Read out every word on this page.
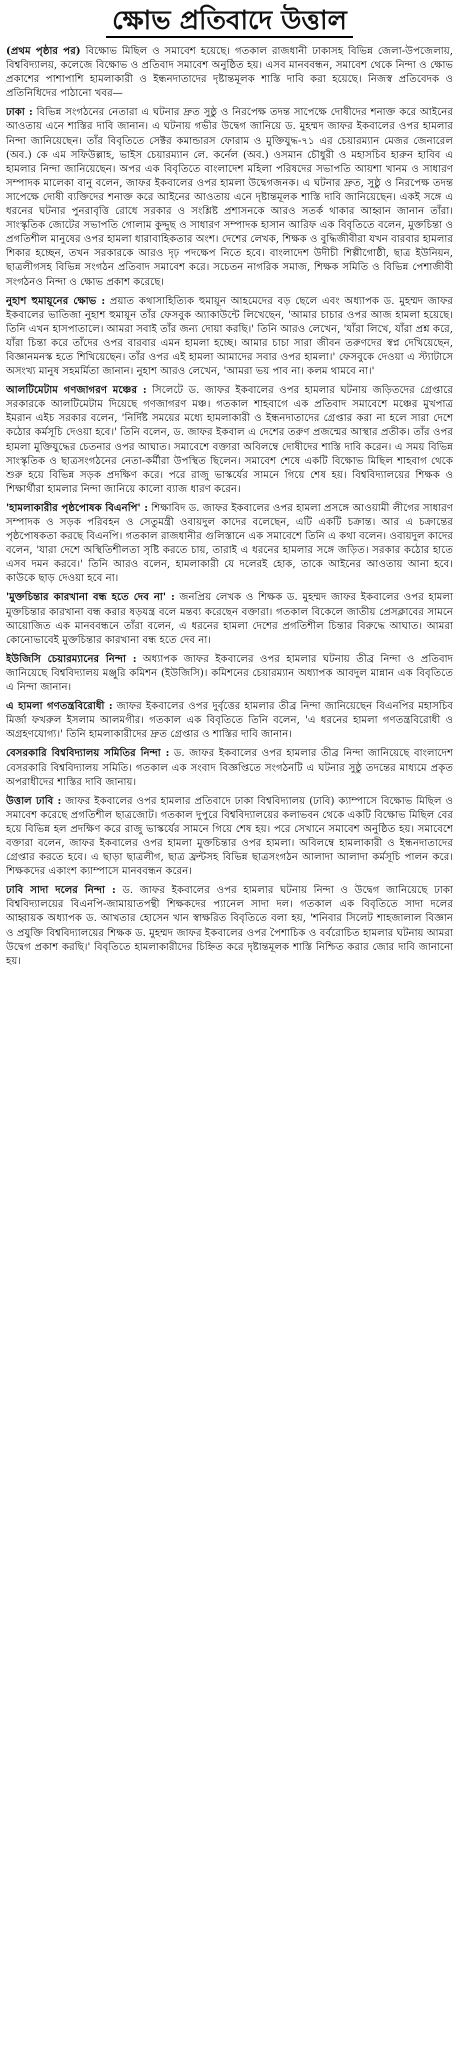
ক্ষোভ প্রতিবাদে উত্তাল

(প্রথম পৃষ্ঠার পর) বিক্ষোভ মিছিল ও সমাবেশ হয়েছে। গতকাল রাজধানী ঢাকাসহ বিভিন্ন জেলা-উপজেলায়, বিশ্ববিদ্যালয়, কলেজে বিক্ষোভ ও প্রতিবাদ সমাবেশ অনুষ্ঠিত হয়। এসব মানববন্ধন, সমাবেশ থেকে নিন্দা ও ক্ষোভ প্রকাশের পাশাপাশি হামলাকারী ও ইন্ধনদাতাদের দৃষ্টান্তমূলক শাস্তি দাবি করা হয়েছে। নিজস্ব প্রতিবেদক ও প্রতিনিধিদের পাঠানো খবর—

ঢাকা : বিভিন্ন সংগঠনের নেতারা এ ঘটনার দ্রুত সুষ্ঠু ও নিরপেক্ষ তদন্ত সাপেক্ষে দোষীদের শনাক্ত করে আইনের আওতায় এনে শাস্তির দাবি জানান। এ ঘটনায় গভীর উদ্বেগ জানিয়ে ড. মুহম্মদ জাফর ইকবালের ওপর হামলার নিন্দা জানিয়েছেন। তাঁর বিবৃতিতে সেক্টর কমান্ডারস ফোরাম ও মুক্তিযুদ্ধ-৭১ এর চেয়ারম্যান মেজর জেনারেল (অব.) কে এম সফিউল্লাহ, ভাইস চেয়ারম্যান লে. কর্নেল (অব.) ওসমান চৌধুরী ও মহাসচিব হারুন হাবিব এ হামলার নিন্দা জানিয়েছেন। অপর এক বিবৃতিতে বাংলাদেশ মহিলা পরিষদের সভাপতি আয়শা খানম ও সাধারণ সম্পাদক মালেকা বানু বলেন, জাফর ইকবালের ওপর হামলা উদ্বেগজনক। এ ঘটনার দ্রুত, সুষ্ঠু ও নিরপেক্ষ তদন্ত সাপেক্ষে দোষী ব্যক্তিদের শনাক্ত করে আইনের আওতায় এনে দৃষ্টান্তমূলক শাস্তি দাবি জানিয়েছেন। একই সঙ্গে এ ধরনের ঘটনার পুনরাবৃত্তি রোধে সরকার ও সংশ্লিষ্ট প্রশাসনকে আরও সতর্ক থাকার আহ্বান জানান তাঁরা। সাংস্কৃতিক জোটের সভাপতি গোলাম কুদ্দুছ ও সাধারণ সম্পাদক হাসান আরিফ এক বিবৃতিতে বলেন, মুক্তচিন্তা ও প্রগতিশীল মানুষের ওপর হামলা ধারাবাহিকতার অংশ। দেশের লেখক, শিক্ষক ও বুদ্ধিজীবীরা যখন বারবার হামলার শিকার হচ্ছেন, তখন সরকারকে আরও দৃঢ় পদক্ষেপ নিতে হবে। বাংলাদেশ উদীচী শিল্পীগোষ্ঠী, ছাত্র ইউনিয়ন, ছাত্রলীগসহ বিভিন্ন সংগঠন প্রতিবাদ সমাবেশ করে। সচেতন নাগরিক সমাজ, শিক্ষক সমিতি ও বিভিন্ন পেশাজীবী সংগঠনও নিন্দা ও ক্ষোভ প্রকাশ করেছে।

নুহাশ হুমায়ূনের ক্ষোভ : প্রয়াত কথাসাহিত্যিক হুমায়ূন আহমেদের বড় ছেলে এবং অধ্যাপক ড. মুহম্মদ জাফর ইকবালের ভাতিজা নুহাশ হুমায়ূন তাঁর ফেসবুক অ্যাকাউন্টে লিখেছেন, 'আমার চাচার ওপর আজ হামলা হয়েছে। তিনি এখন হাসপাতালে। আমরা সবাই তাঁর জন্য দোয়া করছি।' তিনি আরও লেখেন, 'যাঁরা লিখে, যাঁরা প্রশ্ন করে, যাঁরা চিন্তা করে তাঁদের ওপর বারবার এমন হামলা হচ্ছে। আমার চাচা সারা জীবন তরুণদের স্বপ্ন দেখিয়েছেন, বিজ্ঞানমনস্ক হতে শিখিয়েছেন। তাঁর ওপর এই হামলা আমাদের সবার ওপর হামলা।' ফেসবুকে দেওয়া এ স্ট্যাটাসে অসংখ্য মানুষ সহমর্মিতা জানান। নুহাশ আরও লেখেন, 'আমরা ভয় পাব না। কলম থামবে না।'

আলটিমেটাম গণজাগরণ মঞ্চের : সিলেটে ড. জাফর ইকবালের ওপর হামলার ঘটনায় জড়িতদের গ্রেপ্তারে সরকারকে আলটিমেটাম দিয়েছে গণজাগরণ মঞ্চ। গতকাল শাহবাগে এক প্রতিবাদ সমাবেশে মঞ্চের মুখপাত্র ইমরান এইচ সরকার বলেন, 'নির্দিষ্ট সময়ের মধ্যে হামলাকারী ও ইন্ধনদাতাদের গ্রেপ্তার করা না হলে সারা দেশে কঠোর কর্মসূচি দেওয়া হবে।' তিনি বলেন, ড. জাফর ইকবাল এ দেশের তরুণ প্রজন্মের আস্থার প্রতীক। তাঁর ওপর হামলা মুক্তিযুদ্ধের চেতনার ওপর আঘাত। সমাবেশে বক্তারা অবিলম্বে দোষীদের শাস্তি দাবি করেন। এ সময় বিভিন্ন সাংস্কৃতিক ও ছাত্রসংগঠনের নেতা-কর্মীরা উপস্থিত ছিলেন। সমাবেশ শেষে একটি বিক্ষোভ মিছিল শাহবাগ থেকে শুরু হয়ে বিভিন্ন সড়ক প্রদক্ষিণ করে। পরে রাজু ভাস্কর্যের সামনে গিয়ে শেষ হয়। বিশ্ববিদ্যালয়ের শিক্ষক ও শিক্ষার্থীরা হামলার নিন্দা জানিয়ে কালো ব্যাজ ধারণ করেন।

'হামলাকারীর পৃষ্ঠপোষক বিএনপি' : শিক্ষাবিদ ড. জাফর ইকবালের ওপর হামলা প্রসঙ্গে আওয়ামী লীগের সাধারণ সম্পাদক ও সড়ক পরিবহন ও সেতুমন্ত্রী ওবায়দুল কাদের বলেছেন, এটি একটি চক্রান্ত। আর এ চক্রান্তের পৃষ্ঠপোষকতা করছে বিএনপি। গতকাল রাজধানীর গুলিস্তানে এক সমাবেশে তিনি এ কথা বলেন। ওবায়দুল কাদের বলেন, 'যারা দেশে অস্থিতিশীলতা সৃষ্টি করতে চায়, তারাই এ ধরনের হামলার সঙ্গে জড়িত। সরকার কঠোর হাতে এসব দমন করবে।' তিনি আরও বলেন, হামলাকারী যে দলেরই হোক, তাকে আইনের আওতায় আনা হবে। কাউকে ছাড় দেওয়া হবে না।

'মুক্তচিন্তার কারখানা বন্ধ হতে দেব না' : জনপ্রিয় লেখক ও শিক্ষক ড. মুহম্মদ জাফর ইকবালের ওপর হামলা মুক্তচিন্তার কারখানা বন্ধ করার ষড়যন্ত্র বলে মন্তব্য করেছেন বক্তারা। গতকাল বিকেলে জাতীয় প্রেসক্লাবের সামনে আয়োজিত এক মানববন্ধনে তাঁরা বলেন, এ ধরনের হামলা দেশের প্রগতিশীল চিন্তার বিরুদ্ধে আঘাত। আমরা কোনোভাবেই মুক্তচিন্তার কারখানা বন্ধ হতে দেব না।

ইউজিসি চেয়ারম্যানের নিন্দা : অধ্যাপক জাফর ইকবালের ওপর হামলার ঘটনায় তীব্র নিন্দা ও প্রতিবাদ জানিয়েছে বিশ্ববিদ্যালয় মঞ্জুরি কমিশন (ইউজিসি)। কমিশনের চেয়ারম্যান অধ্যাপক আবদুল মান্নান এক বিবৃতিতে এ নিন্দা জানান।

এ হামলা গণতন্ত্রবিরোধী : জাফর ইকবালের ওপর দুর্বৃত্তের হামলার তীব্র নিন্দা জানিয়েছেন বিএনপির মহাসচিব মির্জা ফখরুল ইসলাম আলমগীর। গতকাল এক বিবৃতিতে তিনি বলেন, 'এ ধরনের হামলা গণতন্ত্রবিরোধী ও অগ্রহণযোগ্য।' তিনি হামলাকারীদের দ্রুত গ্রেপ্তার ও শাস্তির দাবি জানান।

বেসরকারি বিশ্ববিদ্যালয় সমিতির নিন্দা : ড. জাফর ইকবালের ওপর হামলার তীব্র নিন্দা জানিয়েছে বাংলাদেশ বেসরকারি বিশ্ববিদ্যালয় সমিতি। গতকাল এক সংবাদ বিজ্ঞপ্তিতে সংগঠনটি এ ঘটনার সুষ্ঠু তদন্তের মাধ্যমে প্রকৃত অপরাধীদের শাস্তির দাবি জানায়।

উত্তাল ঢাবি : জাফর ইকবালের ওপর হামলার প্রতিবাদে ঢাকা বিশ্ববিদ্যালয় (ঢাবি) ক্যাম্পাসে বিক্ষোভ মিছিল ও সমাবেশ করেছে প্রগতিশীল ছাত্রজোট। গতকাল দুপুরে বিশ্ববিদ্যালয়ের কলাভবন থেকে একটি বিক্ষোভ মিছিল বের হয়ে বিভিন্ন হল প্রদক্ষিণ করে রাজু ভাস্কর্যের সামনে গিয়ে শেষ হয়। পরে সেখানে সমাবেশ অনুষ্ঠিত হয়। সমাবেশে বক্তারা বলেন, জাফর ইকবালের ওপর হামলা মুক্তচিন্তার ওপর হামলা। অবিলম্বে হামলাকারী ও ইন্ধনদাতাদের গ্রেপ্তার করতে হবে। এ ছাড়া ছাত্রলীগ, ছাত্র ফ্রন্টসহ বিভিন্ন ছাত্রসংগঠন আলাদা আলাদা কর্মসূচি পালন করে। শিক্ষকদের একাংশ ক্যাম্পাসে মানববন্ধন করেন।

ঢাবি সাদা দলের নিন্দা : ড. জাফর ইকবালের ওপর হামলার ঘটনায় নিন্দা ও উদ্বেগ জানিয়েছে ঢাকা বিশ্ববিদ্যালয়ের বিএনপি-জামায়াতপন্থী শিক্ষকদের প্যানেল সাদা দল। গতকাল এক বিবৃতিতে সাদা দলের আহ্বায়ক অধ্যাপক ড. আখতার হোসেন খান স্বাক্ষরিত বিবৃতিতে বলা হয়, 'শনিবার সিলেট শাহজালাল বিজ্ঞান ও প্রযুক্তি বিশ্ববিদ্যালয়ের শিক্ষক ড. মুহম্মদ জাফর ইকবালের ওপর পৈশাচিক ও বর্বরোচিত হামলার ঘটনায় আমরা উদ্বেগ প্রকাশ করছি।' বিবৃতিতে হামলাকারীদের চিহ্নিত করে দৃষ্টান্তমূলক শাস্তি নিশ্চিত করার জোর দাবি জানানো হয়।
